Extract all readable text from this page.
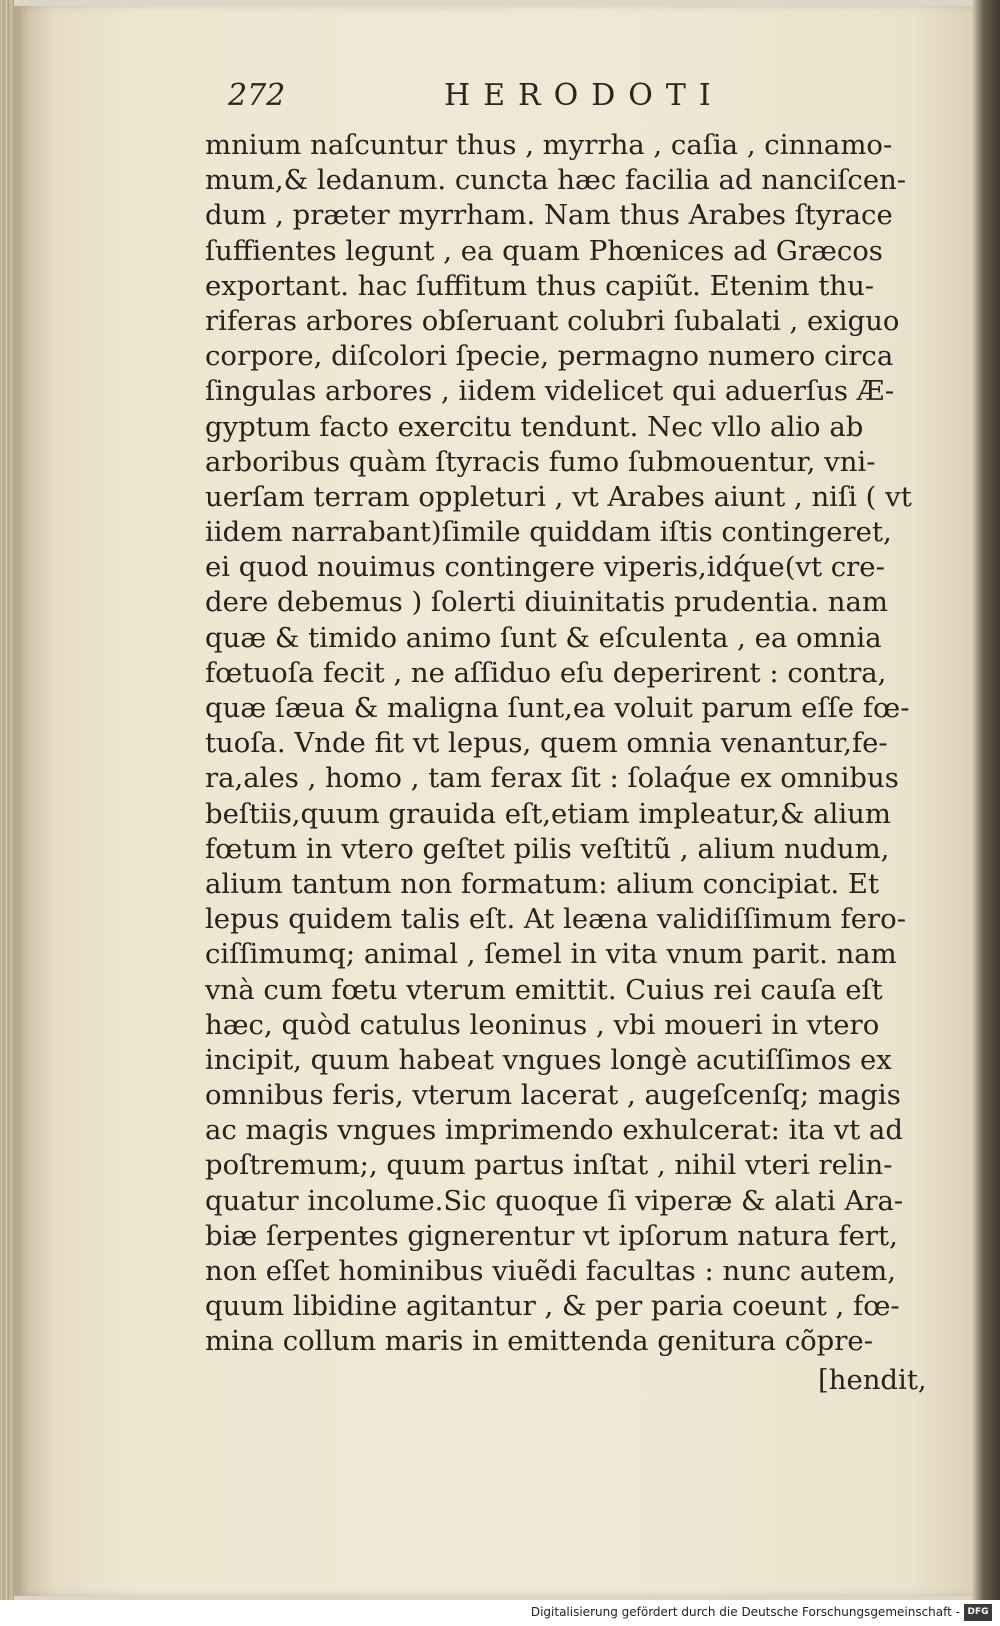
272	HERODOTI
mnium naſcuntur thus , myrrha , caſia , cinnamo-
mum,& ledanum. cuncta hæc facilia ad nanciſcen-
dum , præter myrrham. Nam thus Arabes ſtyrace
ſuffientes legunt , ea quam Phœnices ad Græcos
exportant. hac ſuffitum thus capiũt. Etenim thu-
riferas arbores obſeruant colubri ſubalati , exiguo
corpore, diſcolori ſpecie, permagno numero circa
ſingulas arbores , iidem videlicet qui aduerſus Æ-
gyptum facto exercitu tendunt. Nec vllo alio ab
arboribus quàm ſtyracis fumo ſubmouentur, vni-
uerſam terram oppleturi , vt Arabes aiunt , niſi ( vt
iidem narrabant)ſimile quiddam iſtis contingeret,
ei quod nouimus contingere viperis,idq́ue(vt cre-
dere debemus ) ſolerti diuinitatis prudentia. nam
quæ & timido animo ſunt & eſculenta , ea omnia
fœtuoſa fecit , ne aſſiduo eſu deperirent : contra,
quæ ſæua & maligna ſunt,ea voluit parum eſſe fœ-
tuoſa. Vnde fit vt lepus, quem omnia venantur,fe-
ra,ales , homo , tam ferax ſit : ſolaq́ue ex omnibus
beſtiis,quum grauida eſt,etiam impleatur,& alium
fœtum in vtero geſtet pilis veſtitũ , alium nudum,
alium tantum non formatum: alium concipiat. Et
lepus quidem talis eſt. At leæna validiſſimum fero-
ciſſimumq; animal , ſemel in vita vnum parit. nam
vnà cum fœtu vterum emittit. Cuius rei cauſa eſt
hæc, quòd catulus leoninus , vbi moueri in vtero
incipit, quum habeat vngues longè acutiſſimos ex
omnibus feris, vterum lacerat , augeſcenſq; magis
ac magis vngues imprimendo exhulcerat: ita vt ad
poſtremum;, quum partus inſtat , nihil vteri relin-
quatur incolume.Sic quoque ſi viperæ & alati Ara-
biæ ſerpentes gignerentur vt ipſorum natura fert,
non eſſet hominibus viuẽdi facultas : nunc autem,
quum libidine agitantur , & per paria coeunt , fœ-
mina collum maris in emittenda genitura cõpre-
[hendit,
Digitalisierung gefördert durch die Deutsche Forschungsgemeinschaft - DFG
